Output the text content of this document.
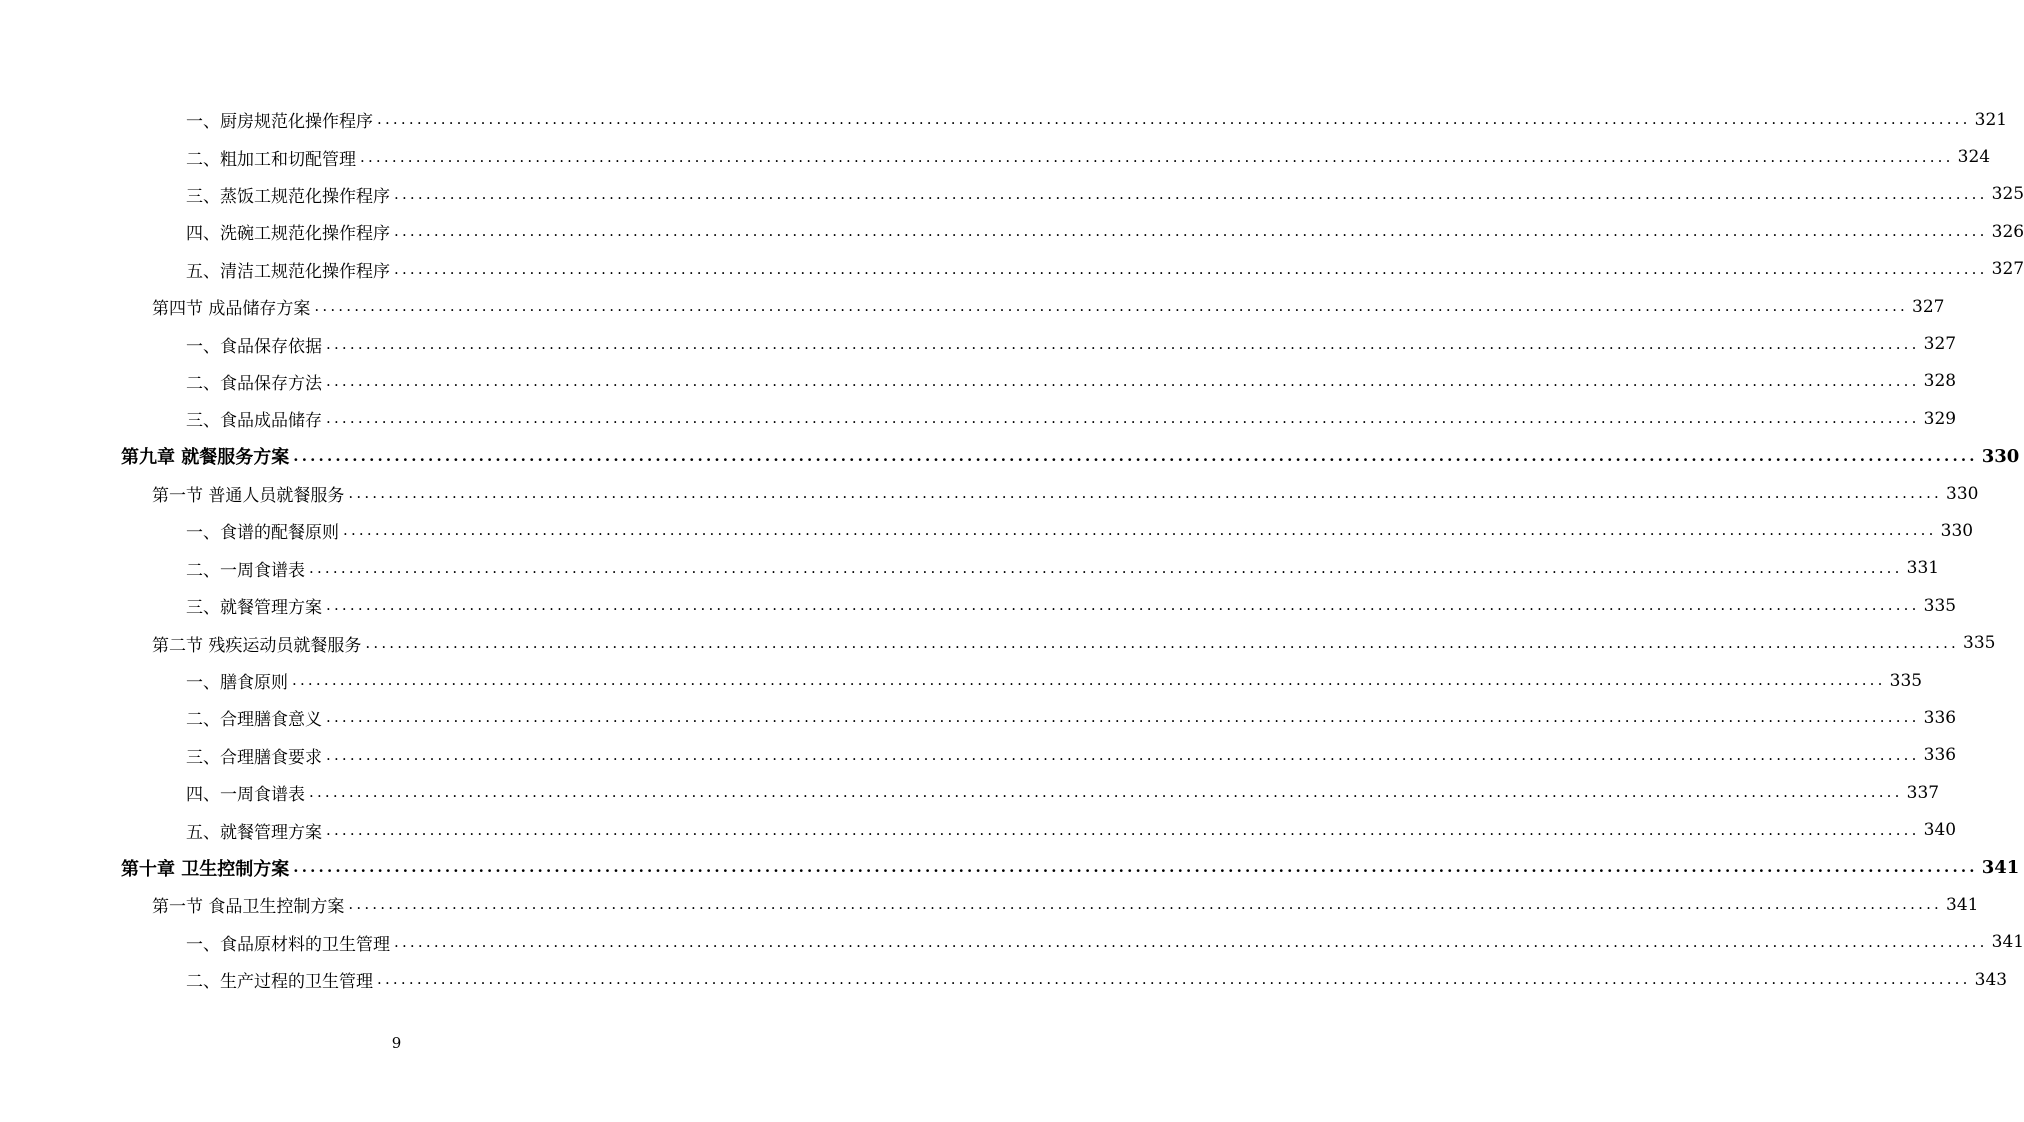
一、厨房规范化操作程序 ........................................................................................................................................................................................................ 321
二、粗加工和切配管理 ........................................................................................................................................................................................................ 324
三、蒸饭工规范化操作程序 ........................................................................................................................................................................................................ 325
四、洗碗工规范化操作程序 ........................................................................................................................................................................................................ 326
五、清洁工规范化操作程序 ........................................................................................................................................................................................................ 327
第四节 成品储存方案 ........................................................................................................................................................................................................ 327
一、食品保存依据 ........................................................................................................................................................................................................ 327
二、食品保存方法 ........................................................................................................................................................................................................ 328
三、食品成品储存 ........................................................................................................................................................................................................ 329
第九章 就餐服务方案 ........................................................................................................................................................................................................ 330
第一节 普通人员就餐服务 ........................................................................................................................................................................................................ 330
一、食谱的配餐原则 ........................................................................................................................................................................................................ 330
二、一周食谱表 ........................................................................................................................................................................................................ 331
三、就餐管理方案 ........................................................................................................................................................................................................ 335
第二节 残疾运动员就餐服务 ........................................................................................................................................................................................................ 335
一、膳食原则 ........................................................................................................................................................................................................ 335
二、合理膳食意义 ........................................................................................................................................................................................................ 336
三、合理膳食要求 ........................................................................................................................................................................................................ 336
四、一周食谱表 ........................................................................................................................................................................................................ 337
五、就餐管理方案 ........................................................................................................................................................................................................ 340
第十章 卫生控制方案 ........................................................................................................................................................................................................ 341
第一节 食品卫生控制方案 ........................................................................................................................................................................................................ 341
一、食品原材料的卫生管理 ........................................................................................................................................................................................................ 341
二、生产过程的卫生管理 ........................................................................................................................................................................................................ 343
9
